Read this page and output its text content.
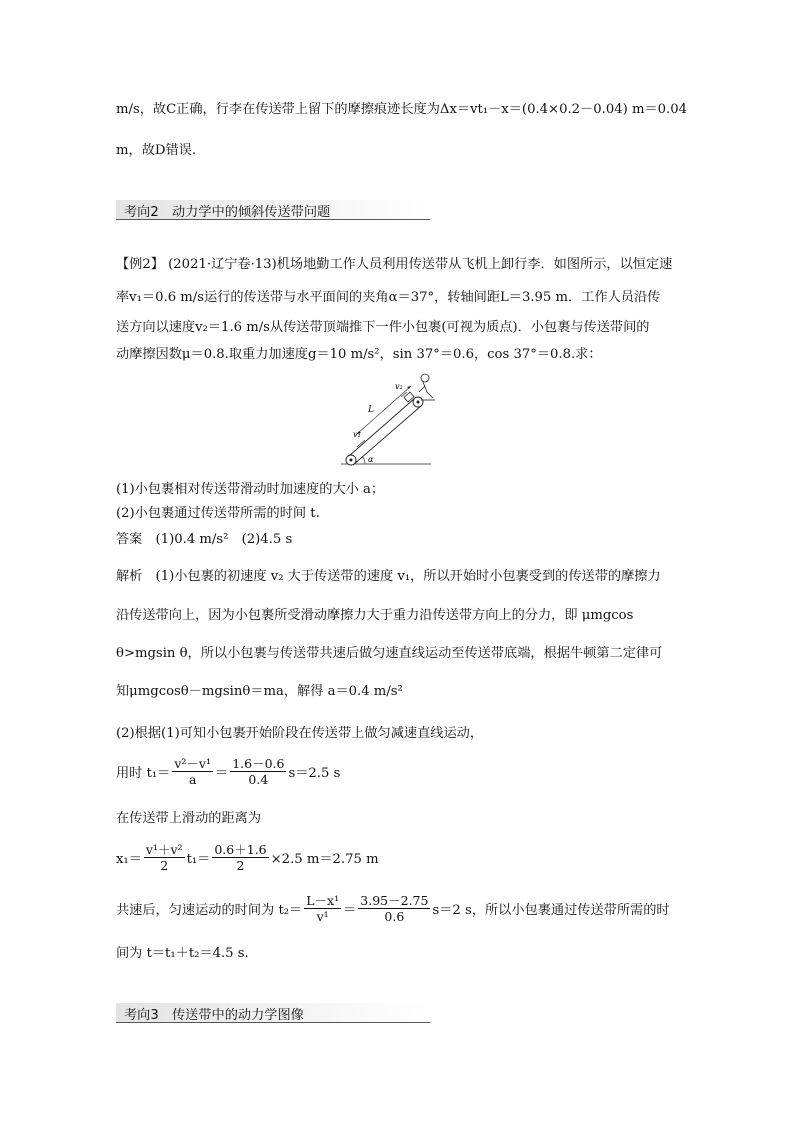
m/s，故C正确，行李在传送带上留下的摩擦痕迹长度为Δx＝vt₁－x＝(0.4×0.2－0.04) m＝0.04
m，故D错误.
考向2　动力学中的倾斜传送带问题
【例2】 (2021·辽宁卷·13)机场地勤工作人员利用传送带从飞机上卸行李．如图所示，以恒定速
率v₁＝0.6 m/s运行的传送带与水平面间的夹角α＝37°，转轴间距L＝3.95 m．工作人员沿传
送方向以速度v₂＝1.6 m/s从传送带顶端推下一件小包裹(可视为质点)．小包裹与传送带间的
动摩擦因数μ＝0.8.取重力加速度g＝10 m/s²，sin 37°＝0.6，cos 37°＝0.8.求：
L
v₁
v₂
α
(1)小包裹相对传送带滑动时加速度的大小 a；
(2)小包裹通过传送带所需的时间 t.
答案　(1)0.4 m/s²　(2)4.5 s
解析　(1)小包裹的初速度 v₂ 大于传送带的速度 v₁，所以开始时小包裹受到的传送带的摩擦力
沿传送带向上，因为小包裹所受滑动摩擦力大于重力沿传送带方向上的分力，即 μmgcos
θ>mgsin θ，所以小包裹与传送带共速后做匀速直线运动至传送带底端，根据牛顿第二定律可
知μmgcosθ－mgsinθ＝ma，解得 a＝0.4 m/s²
(2)根据(1)可知小包裹开始阶段在传送带上做匀减速直线运动，
用时 $t_1= \frac{\text{v²－v¹}}{a} = \frac{1.6-0.6}{0.4} s=2.5$ s
在传送带上滑动的距离为
$x_1= \frac{\text{v¹＋v²}}{2} t_1= \frac{0.6+1.6}{2} \times 2.5$ m＝2.75 m
共速后，匀速运动的时间为 $t_2= \frac{\text{L－x¹}}{\text{v¹}} = \frac{3.95-2.75}{0.6} s=2$ s，所以小包裹通过传送带所需的时
间为 t＝t₁＋t₂＝4.5 s.
考向3　传送带中的动力学图像
